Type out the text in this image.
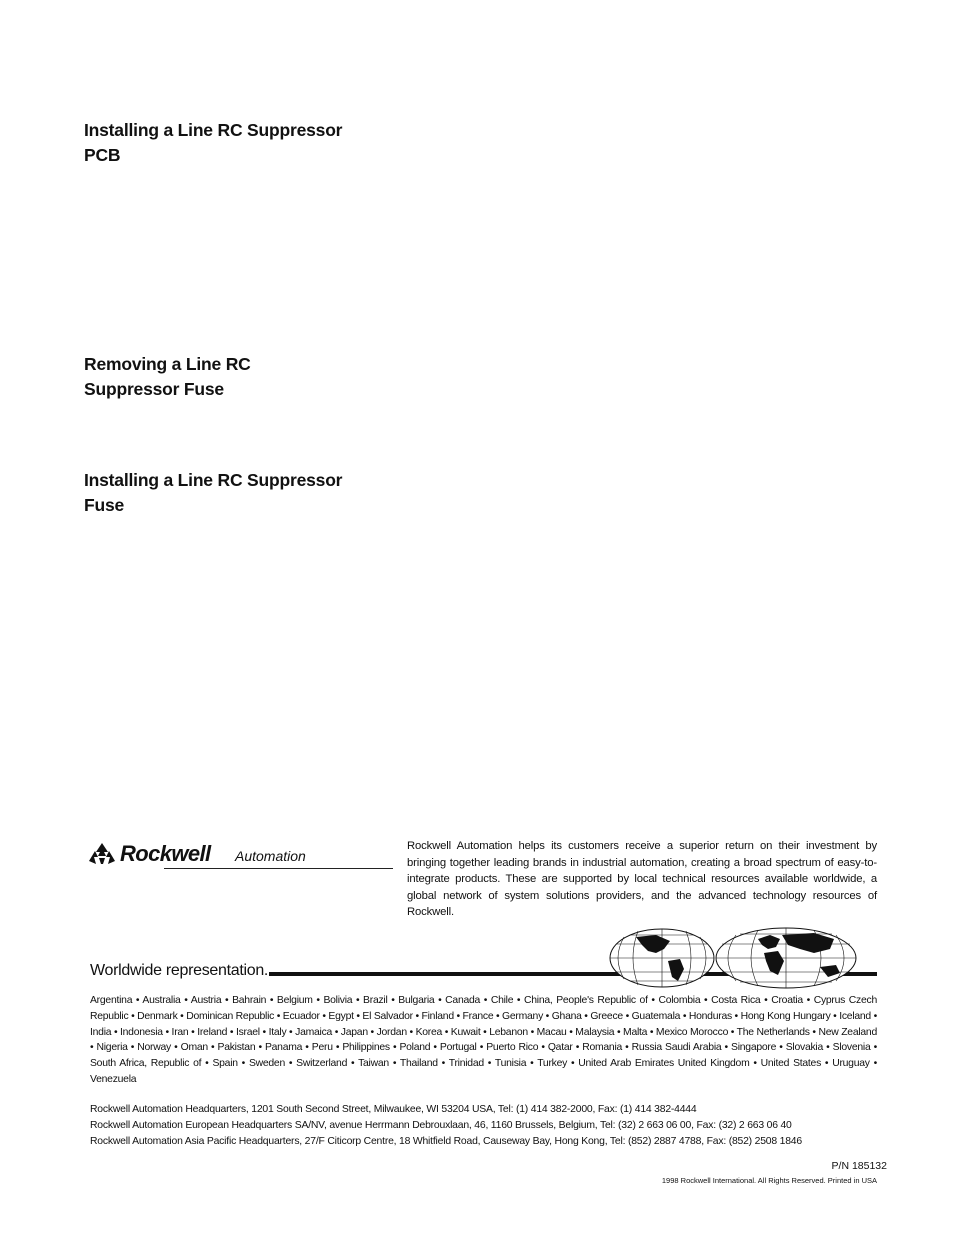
Installing a Line RC Suppressor
PCB
Removing a Line RC
Suppressor Fuse
Installing a Line RC Suppressor
Fuse
Rockwell Automation

Rockwell Automation helps its customers receive a superior return on their investment by bringing together leading brands in industrial automation, creating a broad spectrum of easy-to-integrate products. These are supported by local technical resources available worldwide, a global network of system solutions providers, and the advanced technology resources of Rockwell.

Worldwide representation.

Argentina • Australia • Austria • Bahrain • Belgium • Bolivia • Brazil • Bulgaria • Canada • Chile • China, People's Republic of • Colombia • Costa Rica • Croatia • Cyprus Czech Republic • Denmark • Dominican Republic • Ecuador • Egypt • El Salvador • Finland • France • Germany • Ghana • Greece • Guatemala • Honduras • Hong Kong Hungary • Iceland • India • Indonesia • Iran • Ireland • Israel • Italy • Jamaica • Japan • Jordan • Korea • Kuwait • Lebanon • Macau • Malaysia • Malta • Mexico Morocco • The Netherlands • New Zealand • Nigeria • Norway • Oman • Pakistan • Panama • Peru • Philippines • Poland • Portugal • Puerto Rico • Qatar • Romania • Russia Saudi Arabia • Singapore • Slovakia • Slovenia • South Africa, Republic of • Spain • Sweden • Switzerland • Taiwan • Thailand • Trinidad • Tunisia • Turkey • United Arab Emirates United Kingdom • United States • Uruguay • Venezuela

Rockwell Automation Headquarters, 1201 South Second Street, Milwaukee, WI 53204 USA, Tel: (1) 414 382-2000, Fax: (1) 414 382-4444
Rockwell Automation European Headquarters SA/NV, avenue Herrmann Debrouxlaan, 46, 1160 Brussels, Belgium, Tel: (32) 2 663 06 00, Fax: (32) 2 663 06 40
Rockwell Automation Asia Pacific Headquarters, 27/F Citicorp Centre, 18 Whitfield Road, Causeway Bay, Hong Kong, Tel: (852) 2887 4788, Fax: (852) 2508 1846
P/N 185132
1998 Rockwell International. All Rights Reserved. Printed in USA
